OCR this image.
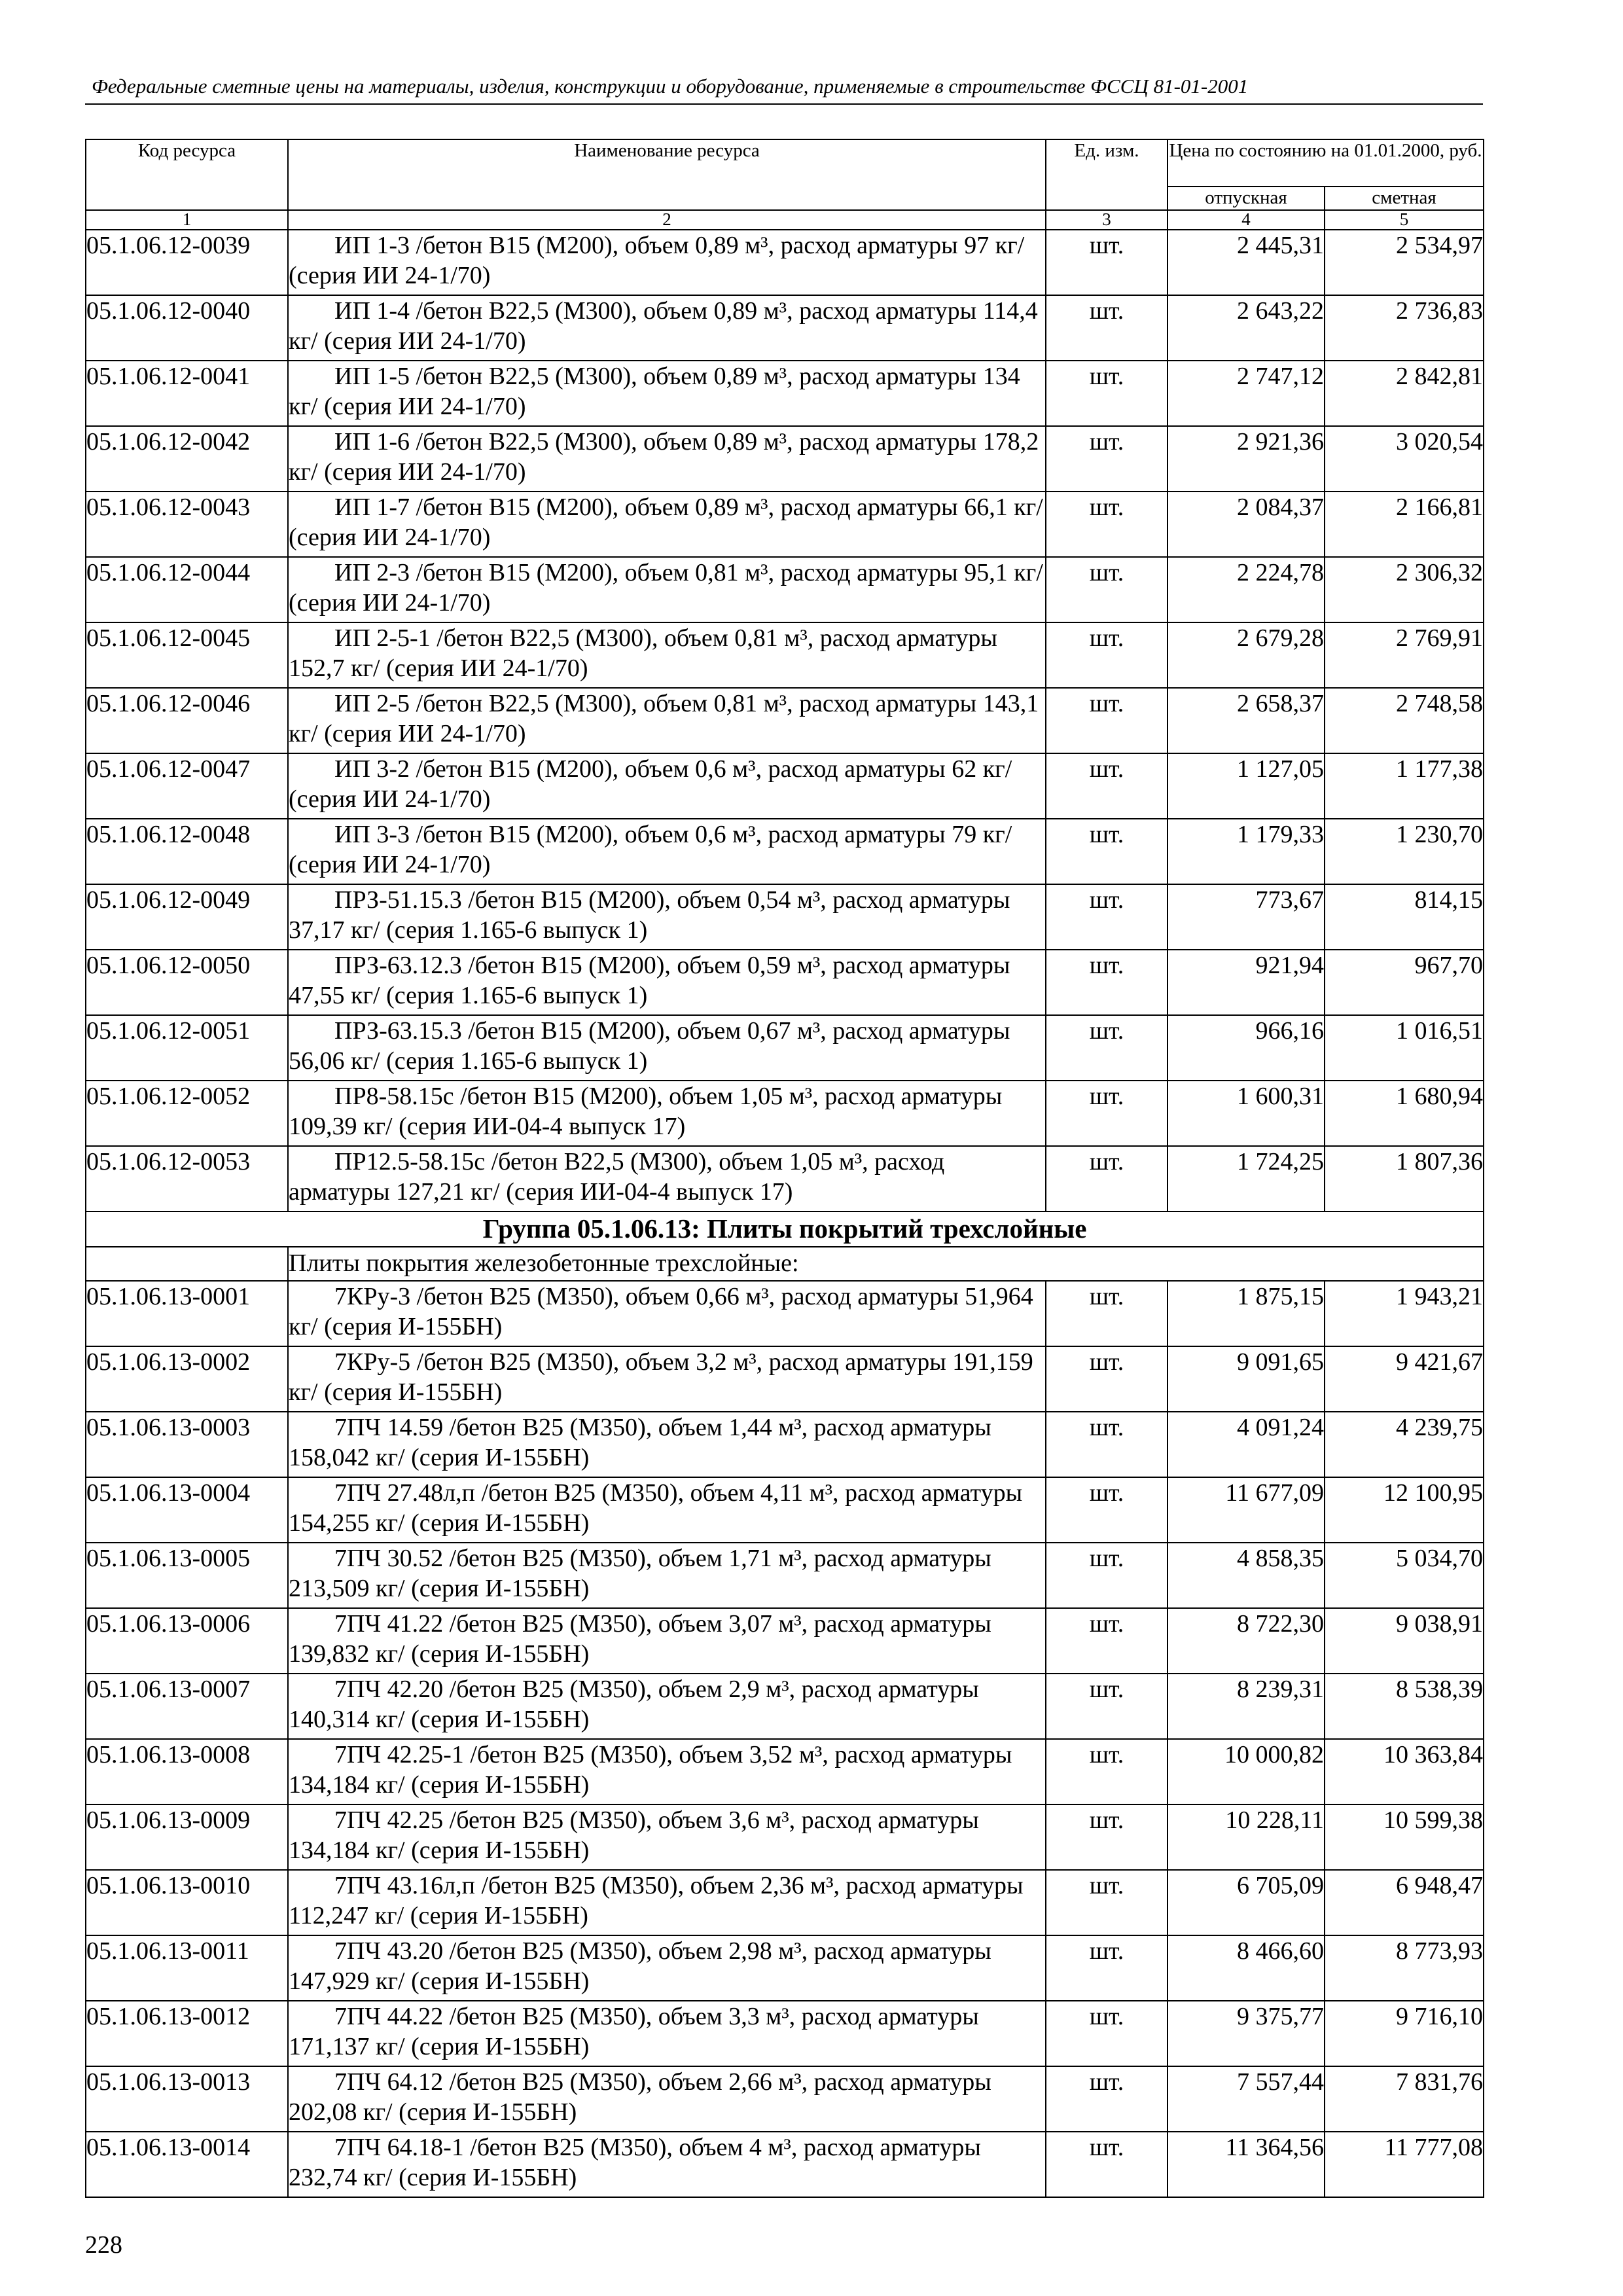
Федеральные сметные цены на материалы, изделия, конструкции и оборудование, применяемые в строительстве ФССЦ 81-01-2001
Код ресурса	Наименование ресурса	Ед. изм.	Цена по состоянию на 01.01.2000, руб.	
			отпускная	сметная
1	2	3	4	5
05.1.06.12-0039	ИП 1-3 /бетон В15 (М200), объем 0,89 м³, расход арматуры 97 кг/ (серия ИИ 24-1/70)	шт.	2 445,31	2 534,97
05.1.06.12-0040	ИП 1-4 /бетон В22,5 (М300), объем 0,89 м³, расход арматуры 114,4 кг/ (серия ИИ 24-1/70)	шт.	2 643,22	2 736,83
05.1.06.12-0041	ИП 1-5 /бетон В22,5 (М300), объем 0,89 м³, расход арматуры 134 кг/ (серия ИИ 24-1/70)	шт.	2 747,12	2 842,81
05.1.06.12-0042	ИП 1-6 /бетон В22,5 (М300), объем 0,89 м³, расход арматуры 178,2 кг/ (серия ИИ 24-1/70)	шт.	2 921,36	3 020,54
05.1.06.12-0043	ИП 1-7 /бетон В15 (М200), объем 0,89 м³, расход арматуры 66,1 кг/ (серия ИИ 24-1/70)	шт.	2 084,37	2 166,81
05.1.06.12-0044	ИП 2-3 /бетон В15 (М200), объем 0,81 м³, расход арматуры 95,1 кг/ (серия ИИ 24-1/70)	шт.	2 224,78	2 306,32
05.1.06.12-0045	ИП 2-5-1 /бетон В22,5 (М300), объем 0,81 м³, расход арматуры 152,7 кг/ (серия ИИ 24-1/70)	шт.	2 679,28	2 769,91
05.1.06.12-0046	ИП 2-5 /бетон В22,5 (М300), объем 0,81 м³, расход арматуры 143,1 кг/ (серия ИИ 24-1/70)	шт.	2 658,37	2 748,58
05.1.06.12-0047	ИП 3-2 /бетон В15 (М200), объем 0,6 м³, расход арматуры 62 кг/ (серия ИИ 24-1/70)	шт.	1 127,05	1 177,38
05.1.06.12-0048	ИП 3-3 /бетон В15 (М200), объем 0,6 м³, расход арматуры 79 кг/ (серия ИИ 24-1/70)	шт.	1 179,33	1 230,70
05.1.06.12-0049	ПРЗ-51.15.3 /бетон В15 (М200), объем 0,54 м³, расход арматуры 37,17 кг/ (серия 1.165-6 выпуск 1)	шт.	773,67	814,15
05.1.06.12-0050	ПРЗ-63.12.3 /бетон В15 (М200), объем 0,59 м³, расход арматуры 47,55 кг/ (серия 1.165-6 выпуск 1)	шт.	921,94	967,70
05.1.06.12-0051	ПРЗ-63.15.3 /бетон В15 (М200), объем 0,67 м³, расход арматуры 56,06 кг/ (серия 1.165-6 выпуск 1)	шт.	966,16	1 016,51
05.1.06.12-0052	ПР8-58.15с /бетон В15 (М200), объем 1,05 м³, расход арматуры 109,39 кг/ (серия ИИ-04-4 выпуск 17)	шт.	1 600,31	1 680,94
05.1.06.12-0053	ПР12.5-58.15с /бетон В22,5 (М300), объем 1,05 м³, расход арматуры 127,21 кг/ (серия ИИ-04-4 выпуск 17)	шт.	1 724,25	1 807,36
Группа 05.1.06.13: Плиты покрытий трехслойные				
	Плиты покрытия железобетонные трехслойные:			
05.1.06.13-0001	7КРу-3 /бетон В25 (М350), объем 0,66 м³, расход арматуры 51,964 кг/ (серия И-155БН)	шт.	1 875,15	1 943,21
05.1.06.13-0002	7КРу-5 /бетон В25 (М350), объем 3,2 м³, расход арматуры 191,159 кг/ (серия И-155БН)	шт.	9 091,65	9 421,67
05.1.06.13-0003	7ПЧ 14.59 /бетон В25 (М350), объем 1,44 м³, расход арматуры 158,042 кг/ (серия И-155БН)	шт.	4 091,24	4 239,75
05.1.06.13-0004	7ПЧ 27.48л,п /бетон В25 (М350), объем 4,11 м³, расход арматуры 154,255 кг/ (серия И-155БН)	шт.	11 677,09	12 100,95
05.1.06.13-0005	7ПЧ 30.52 /бетон В25 (М350), объем 1,71 м³, расход арматуры 213,509 кг/ (серия И-155БН)	шт.	4 858,35	5 034,70
05.1.06.13-0006	7ПЧ 41.22 /бетон В25 (М350), объем 3,07 м³, расход арматуры 139,832 кг/ (серия И-155БН)	шт.	8 722,30	9 038,91
05.1.06.13-0007	7ПЧ 42.20 /бетон В25 (М350), объем 2,9 м³, расход арматуры 140,314 кг/ (серия И-155БН)	шт.	8 239,31	8 538,39
05.1.06.13-0008	7ПЧ 42.25-1 /бетон В25 (М350), объем 3,52 м³, расход арматуры 134,184 кг/ (серия И-155БН)	шт.	10 000,82	10 363,84
05.1.06.13-0009	7ПЧ 42.25 /бетон В25 (М350), объем 3,6 м³, расход арматуры 134,184 кг/ (серия И-155БН)	шт.	10 228,11	10 599,38
05.1.06.13-0010	7ПЧ 43.16л,п /бетон В25 (М350), объем 2,36 м³, расход арматуры 112,247 кг/ (серия И-155БН)	шт.	6 705,09	6 948,47
05.1.06.13-0011	7ПЧ 43.20 /бетон В25 (М350), объем 2,98 м³, расход арматуры 147,929 кг/ (серия И-155БН)	шт.	8 466,60	8 773,93
05.1.06.13-0012	7ПЧ 44.22 /бетон В25 (М350), объем 3,3 м³, расход арматуры 171,137 кг/ (серия И-155БН)	шт.	9 375,77	9 716,10
05.1.06.13-0013	7ПЧ 64.12 /бетон В25 (М350), объем 2,66 м³, расход арматуры 202,08 кг/ (серия И-155БН)	шт.	7 557,44	7 831,76
05.1.06.13-0014	7ПЧ 64.18-1 /бетон В25 (М350), объем 4 м³, расход арматуры 232,74 кг/ (серия И-155БН)	шт.	11 364,56	11 777,08
228
